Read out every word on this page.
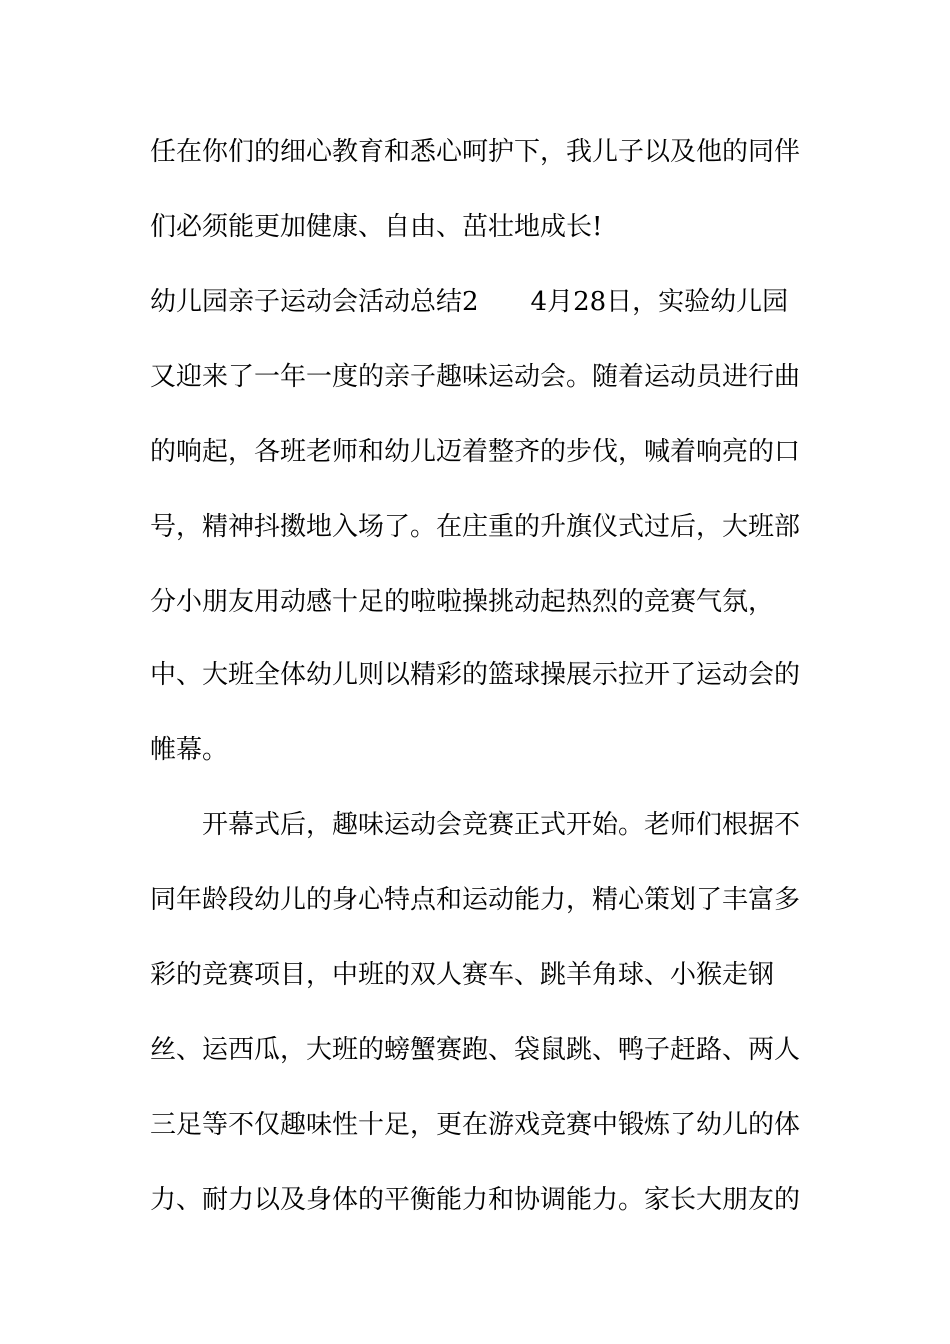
任在你们的细心教育和悉心呵护下，我儿子以及他的同伴
们必须能更加健康、自由、茁壮地成长!
幼儿园亲子运动会活动总结2 4月28日，实验幼儿园
又迎来了一年一度的亲子趣味运动会。随着运动员进行曲
的响起，各班老师和幼儿迈着整齐的步伐，喊着响亮的口
号，精神抖擞地入场了。在庄重的升旗仪式过后，大班部
分小朋友用动感十足的啦啦操挑动起热烈的竞赛气氛，
中、大班全体幼儿则以精彩的篮球操展示拉开了运动会的
帷幕。
开幕式后，趣味运动会竞赛正式开始。老师们根据不
同年龄段幼儿的身心特点和运动能力，精心策划了丰富多
彩的竞赛项目，中班的双人赛车、跳羊角球、小猴走钢
丝、运西瓜，大班的螃蟹赛跑、袋鼠跳、鸭子赶路、两人
三足等不仅趣味性十足，更在游戏竞赛中锻炼了幼儿的体
力、耐力以及身体的平衡能力和协调能力。家长大朋友的
